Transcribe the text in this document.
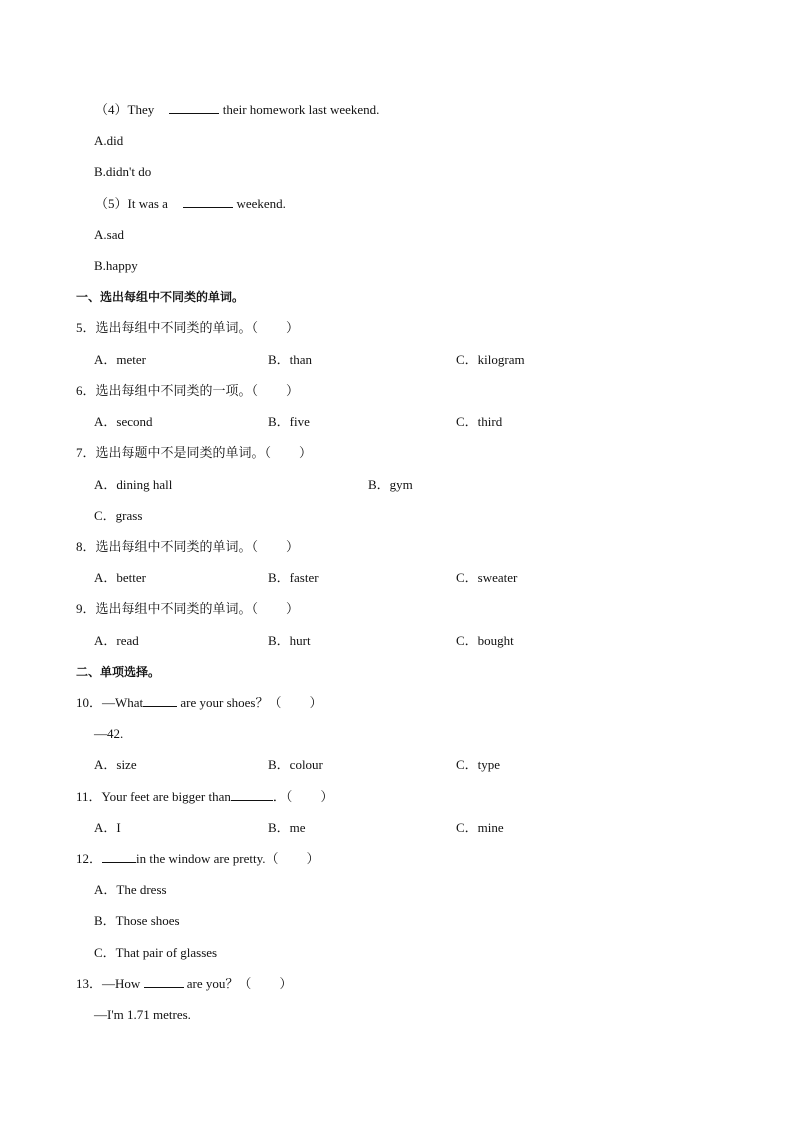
（4）They	their homework last weekend.
A.did
B.didn't do
（5）It was a	weekend.
A.sad
B.happy
一、选出每组中不同类的单词。
5．选出每组中不同类的单词。（ ）
A．meter	B．than	C．kilogram
6．选出每组中不同类的一项。（ ）
A．second	B．five	C．third
7．选出每题中不是同类的单词。（ ）
A．dining hall	B．gym
C．grass
8．选出每组中不同类的单词。（ ）
A．better	B．faster	C．sweater
9．选出每组中不同类的单词。（ ）
A．read	B．hurt	C．bought
二、单项选择。
10．—What	are your shoes？（ ）
—42.
A．size	B．colour	C．type
11．Your feet are bigger than	．（ ）
A．I	B．me	C．mine
12．	in the window are pretty.（ ）
A．The dress
B．Those shoes
C．That pair of glasses
13．—How	are you？（ ）
—I'm 1.71 metres.
